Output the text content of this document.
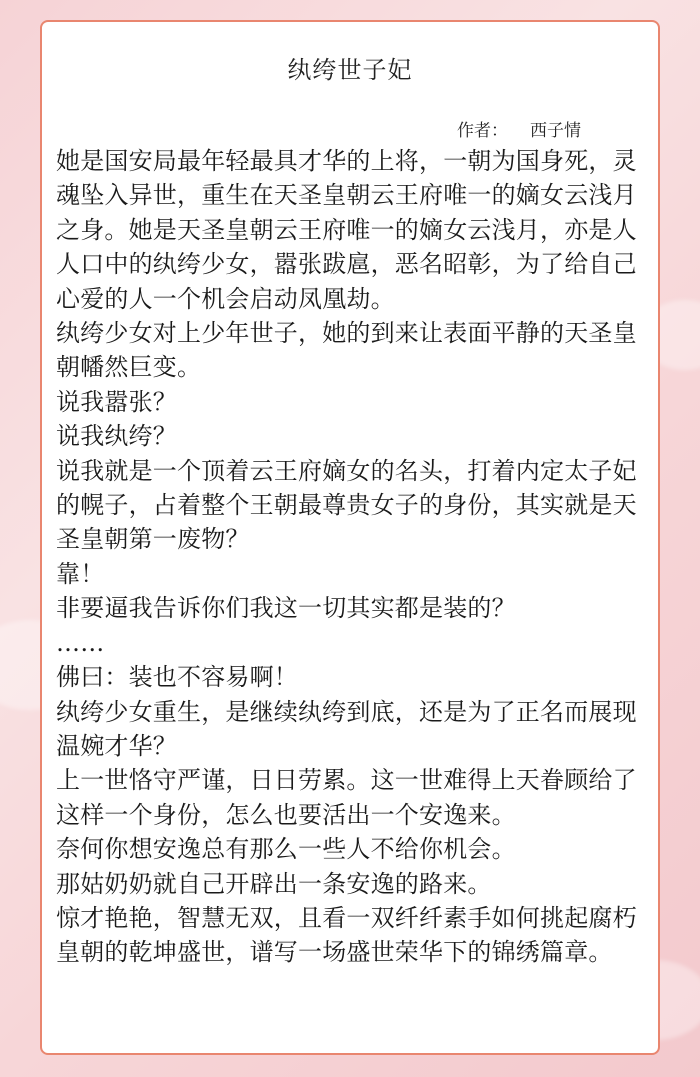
纨绔世子妃
作者： 西子情
她是国安局最年轻最具才华的上将，一朝为国身死，灵魂坠入异世，重生在天圣皇朝云王府唯一的嫡女云浅月之身。她是天圣皇朝云王府唯一的嫡女云浅月，亦是人人口中的纨绔少女，嚣张跋扈，恶名昭彰，为了给自己心爱的人一个机会启动凤凰劫。
纨绔少女对上少年世子，她的到来让表面平静的天圣皇朝幡然巨变。
说我嚣张？
说我纨绔？
说我就是一个顶着云王府嫡女的名头，打着内定太子妃的幌子，占着整个王朝最尊贵女子的身份，其实就是天圣皇朝第一废物？
靠！
非要逼我告诉你们我这一切其实都是装的？
……
佛曰：装也不容易啊！
纨绔少女重生，是继续纨绔到底，还是为了正名而展现温婉才华？
上一世恪守严谨，日日劳累。这一世难得上天眷顾给了这样一个身份，怎么也要活出一个安逸来。
奈何你想安逸总有那么一些人不给你机会。
那姑奶奶就自己开辟出一条安逸的路来。
惊才艳艳，智慧无双，且看一双纤纤素手如何挑起腐朽皇朝的乾坤盛世，谱写一场盛世荣华下的锦绣篇章。
